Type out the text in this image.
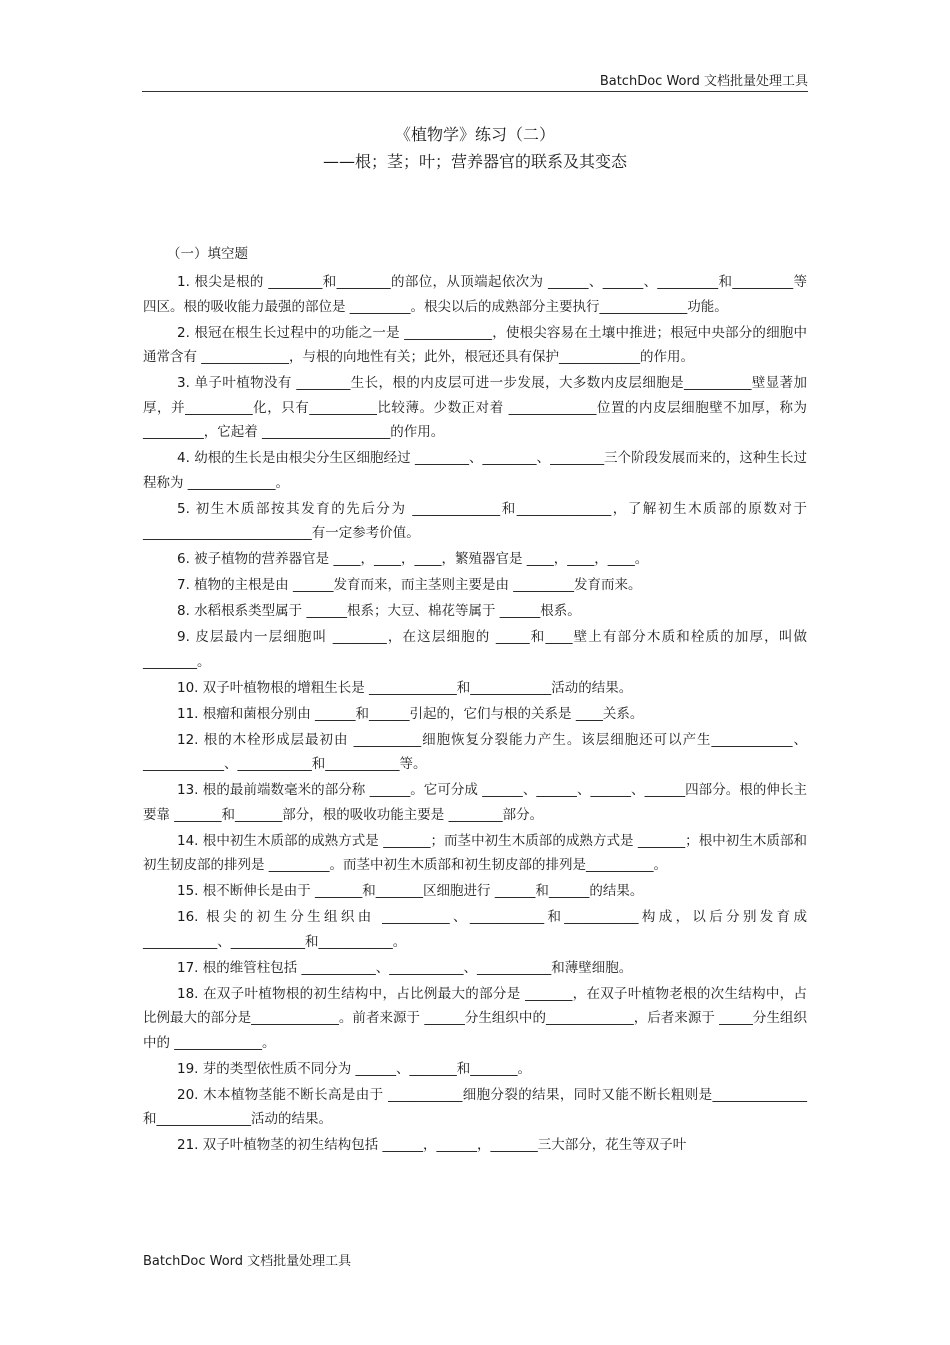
BatchDoc Word 文档批量处理工具
《植物学》练习（二）
——根；茎；叶；营养器官的联系及其变态
（一）填空题

1. 根尖是根的 ________和________的部位，从顶端起依次为 ______、______、_________和_________等四区。根的吸收能力最强的部位是 _________。根尖以后的成熟部分主要执行_____________功能。

2. 根冠在根生长过程中的功能之一是 _____________，使根尖容易在土壤中推进；根冠中央部分的细胞中通常含有 _____________，与根的向地性有关；此外，根冠还具有保护____________的作用。

3. 单子叶植物没有 ________生长，根的内皮层可进一步发展，大多数内皮层细胞是__________壁显著加厚，并__________化，只有__________比较薄。少数正对着 _____________位置的内皮层细胞壁不加厚，称为 _________，它起着 ___________________的作用。

4. 幼根的生长是由根尖分生区细胞经过 ________、________、________三个阶段发展而来的，这种生长过程称为 _____________。

5. 初生木质部按其发育的先后分为 _____________和______________，了解初生木质部的原数对于 _________________________有一定参考价值。

6. 被子植物的营养器官是 ____，____，____，繁殖器官是 ____，____，____。

7. 植物的主根是由 ______发育而来，而主茎则主要是由 _________发育而来。

8. 水稻根系类型属于 ______根系；大豆、棉花等属于 ______根系。

9. 皮层最内一层细胞叫 ________，在这层细胞的 _____和____壁上有部分木质和栓质的加厚，叫做 ________。

10. 双子叶植物根的增粗生长是 _____________和____________活动的结果。

11. 根瘤和菌根分别由 ______和______引起的，它们与根的关系是 ____关系。

12. 根的木栓形成层最初由 __________细胞恢复分裂能力产生。该层细胞还可以产生____________、____________、___________和___________等。

13. 根的最前端数毫米的部分称 ______。它可分成 ______、______、______、______四部分。根的伸长主要靠 _______和_______部分，根的吸收功能主要是 ________部分。

14. 根中初生木质部的成熟方式是 _______；而茎中初生木质部的成熟方式是 _______；根中初生木质部和初生韧皮部的排列是 _________。而茎中初生木质部和初生韧皮部的排列是__________。

15. 根不断伸长是由于 _______和_______区细胞进行 ______和______的结果。

16. 根尖的初生分生组织由 __________、___________和___________构成，以后分别发育成 ___________、___________和___________。

17. 根的维管柱包括 ___________、___________、___________和薄壁细胞。

18. 在双子叶植物根的初生结构中，占比例最大的部分是 _______，在双子叶植物老根的次生结构中，占比例最大的部分是_____________。前者来源于 ______分生组织中的_____________，后者来源于 _____分生组织中的 _____________。

19. 芽的类型依性质不同分为 ______、_______和_______。

20. 木本植物茎能不断长高是由于 ___________细胞分裂的结果，同时又能不断长粗则是______________和______________活动的结果。

21. 双子叶植物茎的初生结构包括 ______，______，_______三大部分，花生等双子叶

BatchDoc Word 文档批量处理工具
